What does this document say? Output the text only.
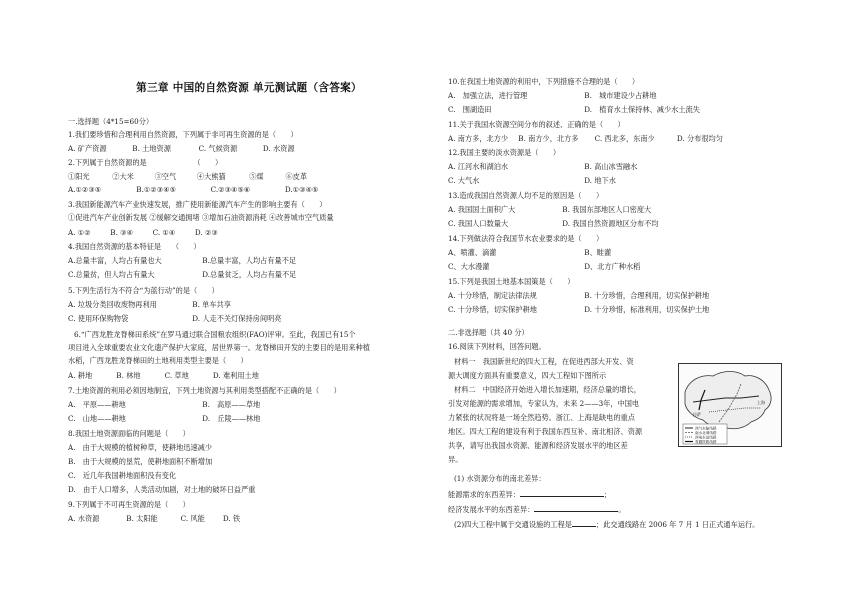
第三章 中国的自然资源 单元测试题（含答案）
一.选择题（4*15=60分）
1.我们要珍惜和合理利用自然资源，下列属于非可再生资源的是（　　）
A. 矿产资源	B. 土地资源	C. 气候资源	D. 水资源
2.下列属于自然资源的是　　　　　　　（　　）
①阳光	②大米	③空气	④大熊猫	⑤煤	⑥皮革
A.①②③⑤	B.①②③④⑤	C.②③④⑤⑥	D.①③④⑤
3.我国新能源汽车产业快速发展，推广使用新能源汽车产生的影响主要有（　　）
①促进汽车产业创新发展 ②缓解交通拥堵 ③增加石油资源消耗 ④改善城市空气质量
A. ①②	B. ③④	C. ①④	D. ②③
4.我国自然资源的基本特征是　　（　　）
A.总量丰富，人均占有量也大	B.总量丰富，人均占有量不足
C.总量贫，但人均占有量大	D.总量贫乏，人均占有量不足
5.下列生活行为不符合“为蓝行动”的是（　　）
A. 垃圾分类回收废物再利用	B. 单车共享
C. 使用环保购物袋	D. 人走不关灯保持房间明亮
6.“广西龙胜龙脊梯田系统”在罗马通过联合国粮农组织(FAO)评审。至此，我国已有15个
项目进入全球重要农业文化遗产保护大家庭，居世界第一。龙脊梯田开发的主要目的是用来种植
水稻，广西龙胜龙脊梯田的土地利用类型主要是（　　）
A. 耕地	B. 林地	C. 草地	D. 难利用土地
7.土地资源的利用必须因地制宜，下列土地资源与其利用类型搭配不正确的是（　　）
A.　平原——耕地	B.　高原——草地
C.　山地——耕地	D.　丘陵——林地
8.我国土地资源面临的问题是（　　）
A.　由于大规模的植树种草，使耕地迅速减少
B.　由于大规模的垦荒，使耕地面积不断增加
C.　近几年我国耕地面积没有变化
D.　由于人口增多，人类活动加剧，对土地的破坏日益严重
9.下列属于不可再生资源的是（　　）
A. 水资源	B. 太阳能	C. 风能	D. 铁
10.在我国土地资源的利用中，下列措施不合理的是（　　）
A.　加强立法，进行管理	B.　城市建设少占耕地
C.　围湖造田	D.　植育水土保持林、减少水土流失
11.关于我国水资源空间分布的叙述、正确的是（　　）
A. 南方多，北方少 B. 南方少，北方多 C. 西北多，东南少	D. 分布很均匀
12.我国主要的淡水资源是（　　）
A. 江河水和湖泊水	B. 高山冰雪融水
C. 大气水	D. 地下水
13.造成我国自然资源人均不足的原因是（　　）
A. 我国国土面积广大	B. 我国东部地区人口密度大
C. 我国人口数量大	D. 我国自然资源地区分布不均
14.下列做法符合我国节水农业要求的是（　　）
A、喷灌、滴灌	B、畦灌
C、大水漫灌	D、北方广种水稻
15.下列是我国土地基本国策是（　　）
A. 十分珍惜，制定法律法规	B. 十分珍惜，合理利用，切实保护耕地
C. 十分珍惜，切实保护耕地	D. 十分珍惜，标准利用，切实保护土地
二.非选择题（共 40 分）
16.阅读下列材料，回答问题。
材料一　我国新世纪的四大工程，在促进西部大开发、资
源大调度方面具有重要意义，四大工程如下图所示
材料二　中国经济开始进入增长加速期，经济总量的增长，
引发对能源的需求增加，专家认为，未来 2——3年，中国电
力紧张的状况将是一场全然趋势。浙江、上海是缺电的重点
地区。四大工程的建设有利于我国东西互补、南北相济、资源
共享，请写出我国水资源、能源和经济发展水平的地区差
异。
(1) 水资源分布的南北差异：
能源需求的东西差异：	；
经济发展水平的东西差异：	。
(2)四大工程中属于交通设施的工程是	；此交通线路在 2006 年 7 月 1 日正式通车运行。
拉萨
上海
西气东输线路
南水北调线路
西电东送线路
青藏铁路线路
